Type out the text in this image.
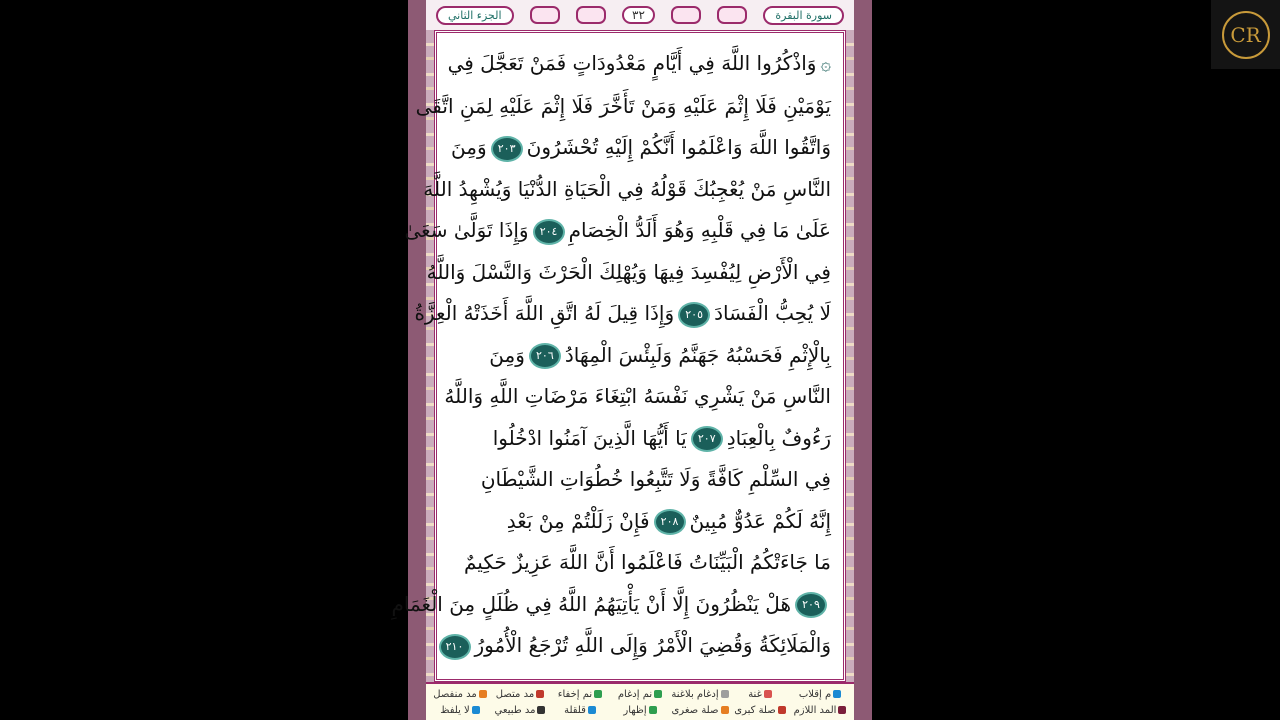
الجزء الثاني	٣٢	سورة البقرة
۞وَاذْكُرُوا اللَّهَ فِي أَيَّامٍ مَعْدُودَاتٍ فَمَنْ تَعَجَّلَ فِي
يَوْمَيْنِ فَلَا إِثْمَ عَلَيْهِ وَمَنْ تَأَخَّرَ فَلَا إِثْمَ عَلَيْهِ لِمَنِ اتَّقَى
وَاتَّقُوا اللَّهَ وَاعْلَمُوا أَنَّكُمْ إِلَيْهِ تُحْشَرُونَ٢٠٣وَمِنَ
النَّاسِ مَنْ يُعْجِبُكَ قَوْلُهُ فِي الْحَيَاةِ الدُّنْيَا وَيُشْهِدُ اللَّهَ
عَلَىٰ مَا فِي قَلْبِهِ وَهُوَ أَلَدُّ الْخِصَامِ٢٠٤وَإِذَا تَوَلَّىٰ سَعَىٰ
فِي الْأَرْضِ لِيُفْسِدَ فِيهَا وَيُهْلِكَ الْحَرْثَ وَالنَّسْلَ وَاللَّهُ
لَا يُحِبُّ الْفَسَادَ٢٠٥وَإِذَا قِيلَ لَهُ اتَّقِ اللَّهَ أَخَذَتْهُ الْعِزَّةُ
بِالْإِثْمِ فَحَسْبُهُ جَهَنَّمُ وَلَبِئْسَ الْمِهَادُ٢٠٦وَمِنَ
النَّاسِ مَنْ يَشْرِي نَفْسَهُ ابْتِغَاءَ مَرْضَاتِ اللَّهِ وَاللَّهُ
رَءُوفٌ بِالْعِبَادِ٢٠٧يَا أَيُّهَا الَّذِينَ آمَنُوا ادْخُلُوا
فِي السِّلْمِ كَافَّةً وَلَا تَتَّبِعُوا خُطُوَاتِ الشَّيْطَانِ
إِنَّهُ لَكُمْ عَدُوٌّ مُبِينٌ٢٠٨فَإِنْ زَلَلْتُمْ مِنْ بَعْدِ
مَا جَاءَتْكُمُ الْبَيِّنَاتُ فَاعْلَمُوا أَنَّ اللَّهَ عَزِيزٌ حَكِيمٌ
٢٠٩هَلْ يَنْظُرُونَ إِلَّا أَنْ يَأْتِيَهُمُ اللَّهُ فِي ظُلَلٍ مِنَ الْغَمَامِ
وَالْمَلَائِكَةُ وَقُضِيَ الْأَمْرُ وَإِلَى اللَّهِ تُرْجَعُ الْأُمُورُ٢١٠
م إقلاب
غنة
إدغام بلاغنة
نم إدغام
نم إخفاء
مد متصل
مد منفصل
المد اللازم
صلة كبرى
صلة صغرى
إظهار
قلقلة
مد طبيعي
لا يلفظ
CR
